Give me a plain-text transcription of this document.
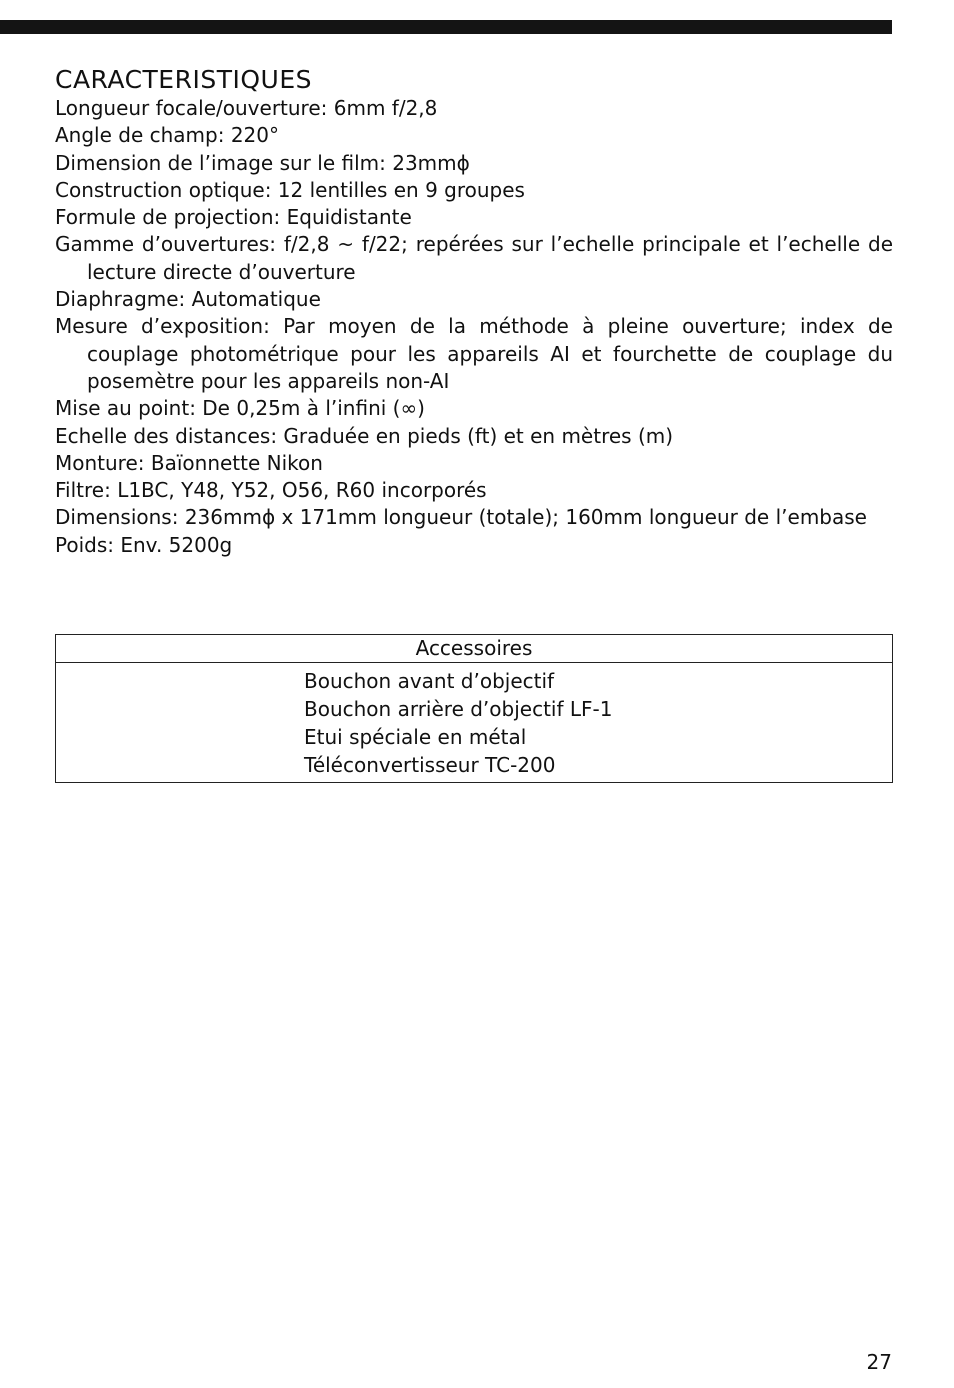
CARACTERISTIQUES
Longueur focale/ouverture: 6mm f/2,8
Angle de champ: 220°
Dimension de l’image sur le film: 23mmϕ
Construction optique: 12 lentilles en 9 groupes
Formule de projection: Equidistante
Gamme d’ouvertures: f/2,8 ~ f/22; repérées sur l’echelle principale et l’echelle de lecture directe d’ouverture
Diaphragme: Automatique
Mesure d’exposition: Par moyen de la méthode à pleine ouverture; index de couplage photométrique pour les appareils AI et fourchette de couplage du posemètre pour les appareils non-AI
Mise au point: De 0,25m à l’infini (∞)
Echelle des distances: Graduée en pieds (ft) et en mètres (m)
Monture: Baïonnette Nikon
Filtre: L1BC, Y48, Y52, O56, R60 incorporés
Dimensions: 236mmϕ x 171mm longueur (totale); 160mm longueur de l’embase
Poids: Env. 5200g
Accessoires
Bouchon avant d’objectif
Bouchon arrière d’objectif LF-1
Etui spéciale en métal
Téléconvertisseur TC-200
27
